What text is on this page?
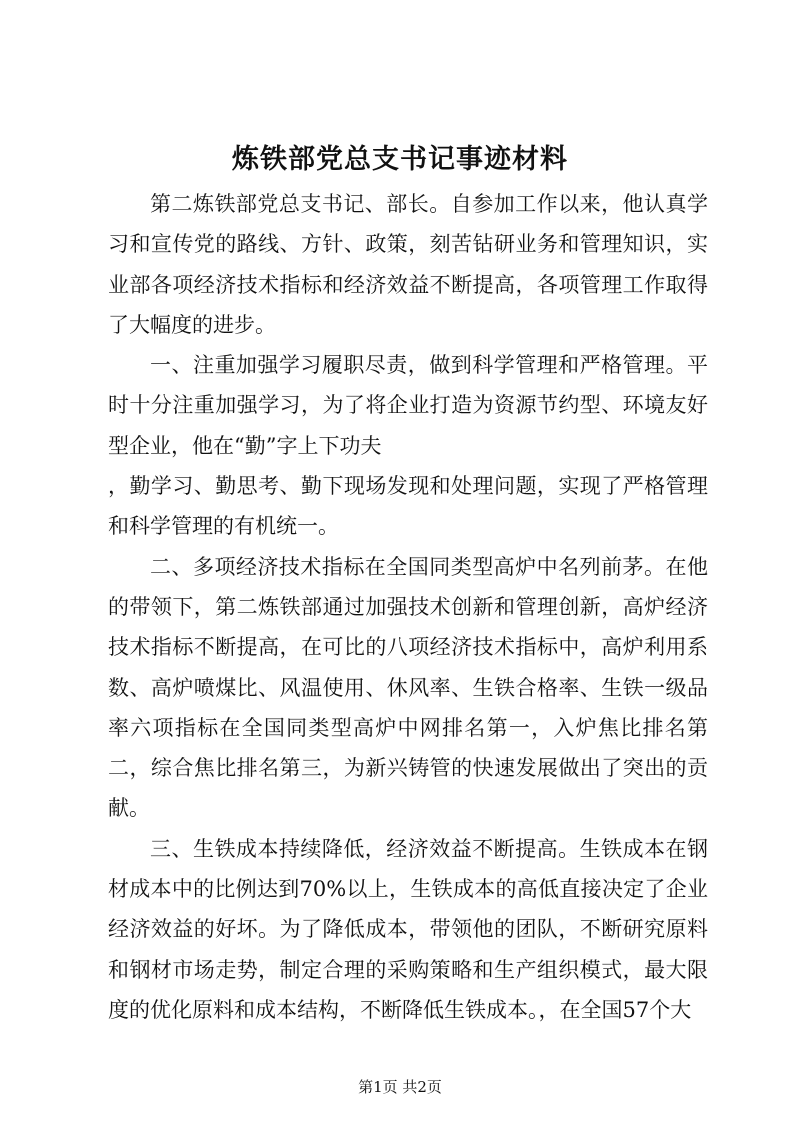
炼铁部党总支书记事迹材料

第二炼铁部党总支书记、部长。自参加工作以来，他认真学习和宣传党的路线、方针、政策，刻苦钻研业务和管理知识，实业部各项经济技术指标和经济效益不断提高，各项管理工作取得了大幅度的进步。

一、注重加强学习履职尽责，做到科学管理和严格管理。平时十分注重加强学习，为了将企业打造为资源节约型、环境友好型企业，他在“勤”字上下功夫

，勤学习、勤思考、勤下现场发现和处理问题，实现了严格管理和科学管理的有机统一。

二、多项经济技术指标在全国同类型高炉中名列前茅。在他的带领下，第二炼铁部通过加强技术创新和管理创新，高炉经济技术指标不断提高，在可比的八项经济技术指标中，高炉利用系数、高炉喷煤比、风温使用、休风率、生铁合格率、生铁一级品率六项指标在全国同类型高炉中网排名第一，入炉焦比排名第二，综合焦比排名第三，为新兴铸管的快速发展做出了突出的贡献。

三、生铁成本持续降低，经济效益不断提高。生铁成本在钢材成本中的比例达到70%以上，生铁成本的高低直接决定了企业经济效益的好坏。为了降低成本，带领他的团队，不断研究原料和钢材市场走势，制定合理的采购策略和生产组织模式，最大限度的优化原料和成本结构，不断降低生铁成本。，在全国57个大

第1页 共2页
